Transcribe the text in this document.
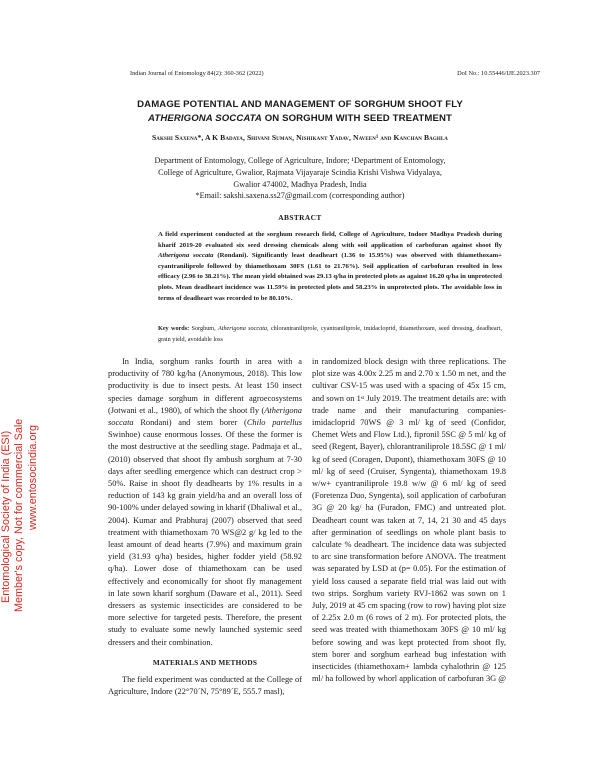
Indian Journal of Entomology 84(2): 360-362 (2022)	DoI No.: 10.55446/IJE.2023.307
Entomological Society of India (ESI) Member's copy, Not for commercial Sale www.entosocindia.org
DAMAGE POTENTIAL AND MANAGEMENT OF SORGHUM SHOOT FLY
ATHERIGONA SOCCATA ON SORGHUM WITH SEED TREATMENT
Sakshi Saxena*, A K Badaya, Shivani Suman, Nishikant Yadav, Naveen¹ and Kanchan Baghla
Department of Entomology, College of Agriculture, Indore; ¹Department of Entomology,
College of Agriculture, Gwalior, Rajmata Vijayaraje Scindia Krishi Vishwa Vidyalaya,
Gwalior 474002, Madhya Pradesh, India
*Email: sakshi.saxena.ss27@gmail.com (corresponding author)
ABSTRACT
A field experiment conducted at the sorghum research field, College of Agriculture, Indore Madhya Pradesh during kharif 2019-20 evaluated six seed dressing chemicals along with soil application of carbofuran against shoot fly Atherigona soccata (Rondani). Significantly least deadheart (1.36 to 15.95%) was observed with thiamethoxam+ cyantraniliprole followed by thiamethoxam 30FS (1.61 to 21.76%). Soil application of carbofuran resulted in less efficacy (2.96 to 38.21%). The mean yield obtained was 29.13 q/ha in protected plots as against 16.20 q/ha in unprotected plots. Mean deadheart incidence was 11.59% in protected plots and 58.23% in unprotected plots. The avoidable loss in terms of deadheart was recorded to be 80.10%.
Key words: Sorghum, Atherigona soccata, chlorantraniliprole, cyantraniliprole, imidacloprid, thiamethoxam, seed dressing, deadheart, grain yield, avoidable loss

In India, sorghum ranks fourth in area with a productivity of 780 kg/ha (Anonymous, 2018). This low productivity is due to insect pests. At least 150 insect species damage sorghum in different agroecosystems (Jotwani et al., 1980), of which the shoot fly (Atherigona soccata Rondani) and stem borer (Chilo partellus Swinhoe) cause enormous losses. Of these the former is the most destructive at the seedling stage. Padmaja et al., (2010) observed that shoot fly ambush sorghum at 7-30 days after seedling emergence which can destruct crop > 50%. Raise in shoot fly deadhearts by 1% results in a reduction of 143 kg grain yield/ha and an overall loss of 90-100% under delayed sowing in kharif (Dhaliwal et al., 2004). Kumar and Prabhuraj (2007) observed that seed treatment with thiamethoxam 70 WS@2 g/ kg led to the least amount of dead hearts (7.9%) and maximum grain yield (31.93 q/ha) besides, higher fodder yield (58.92 q/ha). Lower dose of thiamethoxam can be used effectively and economically for shoot fly management in late sown kharif sorghum (Daware et al., 2011). Seed dressers as systemic insecticides are considered to be more selective for targeted pests. Therefore, the present study to evaluate some newly launched systemic seed dressers and their combination.

MATERIALS AND METHODS

The field experiment was conducted at the College of Agriculture, Indore (22°70´N, 75°89´E, 555.7 masl),

in randomized block design with three replications. The plot size was 4.00x 2.25 m and 2.70 x 1.50 m net, and the cultivar CSV-15 was used with a spacing of 45x 15 cm, and sown on 1ˢᵗ July 2019. The treatment details are: with trade name and their manufacturing companies- imidacloprid 70WS @ 3 ml/ kg of seed (Confidor, Chemet Wets and Flow Ltd.), fipronil 5SC @ 5 ml/ kg of seed (Regent, Bayer), chlorantraniliprole 18.5SC @ 1 ml/ kg of seed (Coragen, Dupont), thiamethoxam 30FS @ 10 ml/ kg of seed (Cruiser, Syngenta), thiamethoxam 19.8 w/w+ cyantraniliprole 19.8 w/w @ 6 ml/ kg of seed (Foretenza Duo, Syngenta), soil application of carbofuran 3G @ 20 kg/ ha (Furadon, FMC) and untreated plot. Deadheart count was taken at 7, 14, 21 30 and 45 days after germination of seedlings on whole plant basis to calculate % deadheart. The incidence data was subjected to arc sine transformation before ANOVA. The treatment was separated by LSD at (p= 0.05). For the estimation of yield loss caused a separate field trial was laid out with two strips. Sorghum variety RVJ-1862 was sown on 1 July, 2019 at 45 cm spacing (row to row) having plot size of 2.25x 2.0 m (6 rows of 2 m). For protected plots, the seed was treated with thiamethoxam 30FS @ 10 ml/ kg before sowing and was kept protected from shoot fly, stem borer and sorghum earhead bug infestation with insecticides (thiamethoxam+ lambda cyhalothrin @ 125 ml/ ha followed by whorl application of carbofuran 3G @
